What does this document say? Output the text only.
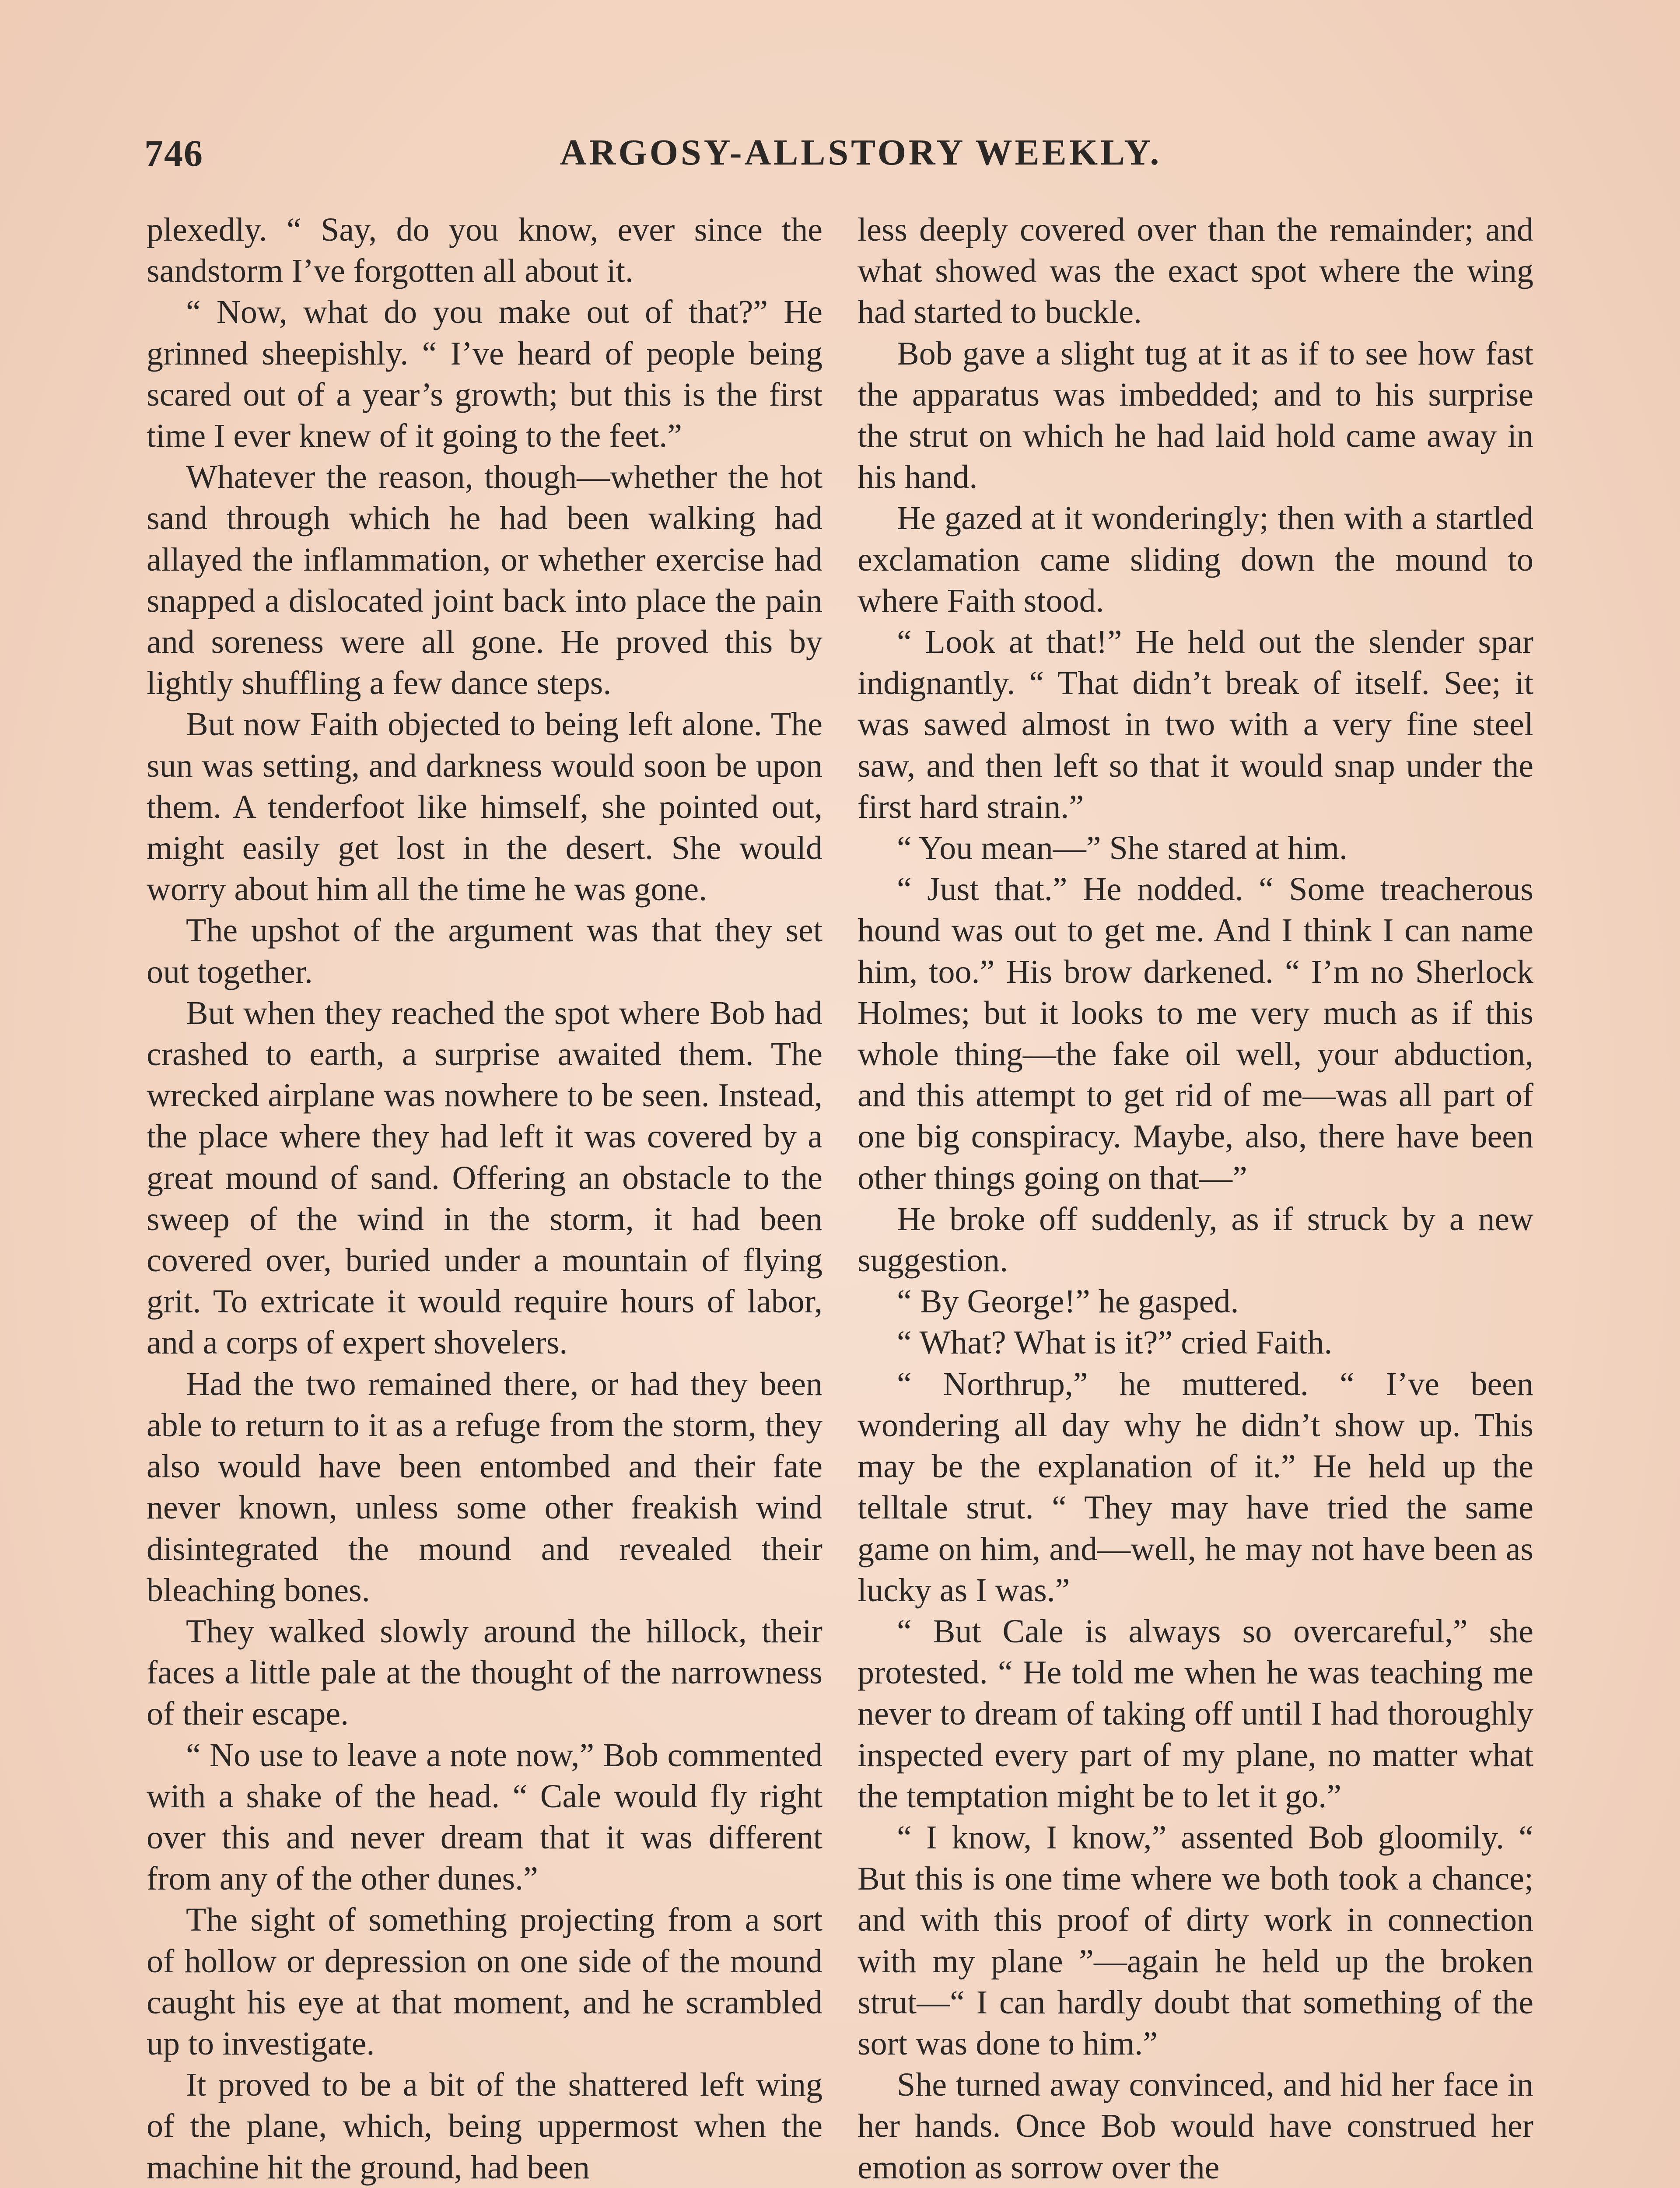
746	ARGOSY-ALLSTORY WEEKLY.

plexedly. “ Say, do you know, ever since the sandstorm I’ve forgotten all about it.

“ Now, what do you make out of that?” He grinned sheepishly. “ I’ve heard of people being scared out of a year’s growth; but this is the first time I ever knew of it going to the feet.”

Whatever the reason, though—whether the hot sand through which he had been walking had allayed the inflammation, or whether exercise had snapped a dislocated joint back into place the pain and soreness were all gone. He proved this by lightly shuffling a few dance steps.

But now Faith objected to being left alone. The sun was setting, and darkness would soon be upon them. A tenderfoot like himself, she pointed out, might easily get lost in the desert. She would worry about him all the time he was gone.

The upshot of the argument was that they set out together.

But when they reached the spot where Bob had crashed to earth, a surprise awaited them. The wrecked airplane was nowhere to be seen. Instead, the place where they had left it was covered by a great mound of sand. Offering an obstacle to the sweep of the wind in the storm, it had been covered over, buried under a mountain of flying grit. To extricate it would require hours of labor, and a corps of expert shovelers.

Had the two remained there, or had they been able to return to it as a refuge from the storm, they also would have been entombed and their fate never known, unless some other freakish wind disintegrated the mound and revealed their bleaching bones.

They walked slowly around the hillock, their faces a little pale at the thought of the narrowness of their escape.

“ No use to leave a note now,” Bob commented with a shake of the head. “ Cale would fly right over this and never dream that it was different from any of the other dunes.”

The sight of something projecting from a sort of hollow or depression on one side of the mound caught his eye at that moment, and he scrambled up to investigate.

It proved to be a bit of the shattered left wing of the plane, which, being uppermost when the machine hit the ground, had been

less deeply covered over than the remainder; and what showed was the exact spot where the wing had started to buckle.

Bob gave a slight tug at it as if to see how fast the apparatus was imbedded; and to his surprise the strut on which he had laid hold came away in his hand.

He gazed at it wonderingly; then with a startled exclamation came sliding down the mound to where Faith stood.

“ Look at that!” He held out the slender spar indignantly. “ That didn’t break of itself. See; it was sawed almost in two with a very fine steel saw, and then left so that it would snap under the first hard strain.”

“ You mean—” She stared at him.

“ Just that.” He nodded. “ Some treacherous hound was out to get me. And I think I can name him, too.” His brow darkened. “ I’m no Sherlock Holmes; but it looks to me very much as if this whole thing—the fake oil well, your abduction, and this attempt to get rid of me—was all part of one big conspiracy. Maybe, also, there have been other things going on that—”

He broke off suddenly, as if struck by a new suggestion.

“ By George!” he gasped.

“ What? What is it?” cried Faith.

“ Northrup,” he muttered. “ I’ve been wondering all day why he didn’t show up. This may be the explanation of it.” He held up the telltale strut. “ They may have tried the same game on him, and—well, he may not have been as lucky as I was.”

“ But Cale is always so overcareful,” she protested. “ He told me when he was teaching me never to dream of taking off until I had thoroughly inspected every part of my plane, no matter what the temptation might be to let it go.”

“ I know, I know,” assented Bob gloomily. “ But this is one time where we both took a chance; and with this proof of dirty work in connection with my plane ”—again he held up the broken strut—“ I can hardly doubt that something of the sort was done to him.”

She turned away convinced, and hid her face in her hands. Once Bob would have construed her emotion as sorrow over the
